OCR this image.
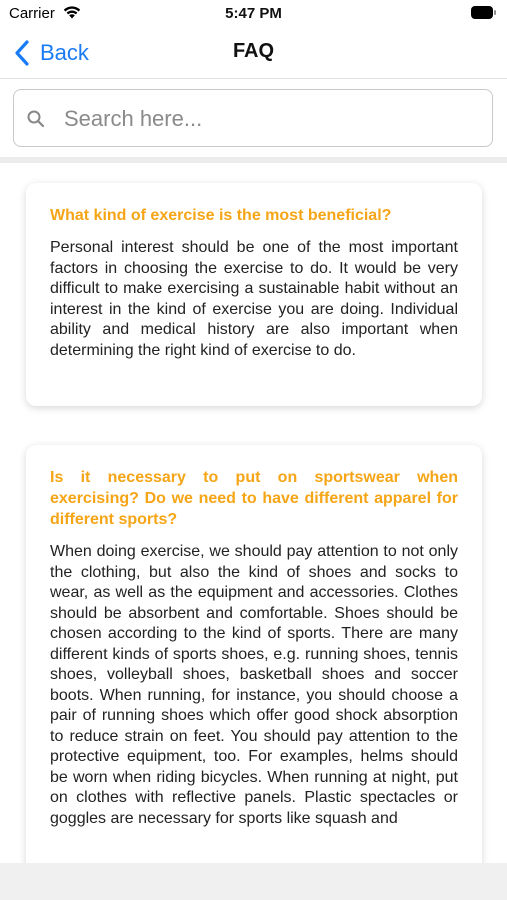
Carrier	5:47 PM
Back	FAQ
Search here...

What kind of exercise is the most beneficial?

Personal interest should be one of the most important factors in choosing the exercise to do. It would be very difficult to make exercising a sustainable habit without an interest in the kind of exercise you are doing. Individual ability and medical history are also important when determining the right kind of exercise to do.

Is it necessary to put on sportswear when exercising? Do we need to have different apparel for different sports?

When doing exercise, we should pay attention to not only the clothing, but also the kind of shoes and socks to wear, as well as the equipment and accessories. Clothes should be absorbent and comfortable. Shoes should be chosen according to the kind of sports. There are many different kinds of sports shoes, e.g. running shoes, tennis shoes, volleyball shoes, basketball shoes and soccer boots. When running, for instance, you should choose a pair of running shoes which offer good shock absorption to reduce strain on feet. You should pay attention to the protective equipment, too. For examples, helms should be worn when riding bicycles. When running at night, put on clothes with reflective panels. Plastic spectacles or goggles are necessary for sports like squash and
